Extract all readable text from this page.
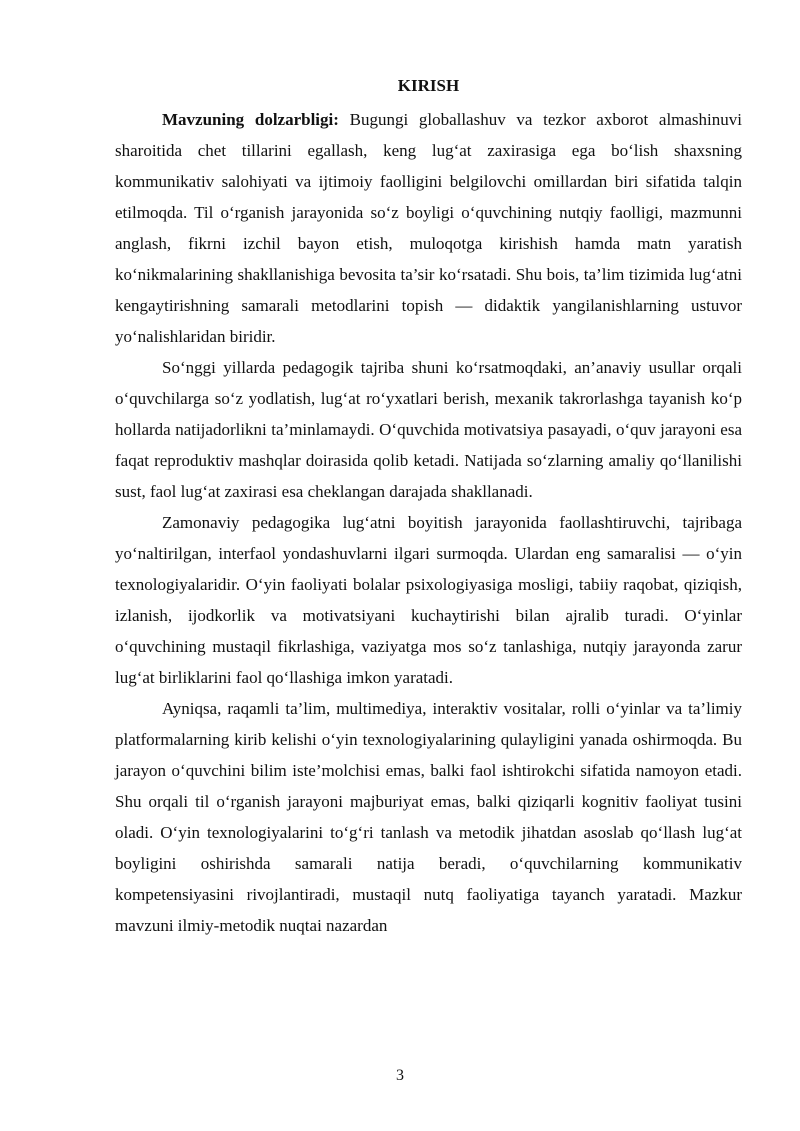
KIRISH

Mavzuning dolzarbligi: Bugungi globallashuv va tezkor axborot almashinuvi sharoitida chet tillarini egallash, keng lug‘at zaxirasiga ega bo‘lish shaxsning kommunikativ salohiyati va ijtimoiy faolligini belgilovchi omillardan biri sifatida talqin etilmoqda. Til o‘rganish jarayonida so‘z boyligi o‘quvchining nutqiy faolligi, mazmunni anglash, fikrni izchil bayon etish, muloqotga kirishish hamda matn yaratish ko‘nikmalarining shakllanishiga bevosita ta’sir ko‘rsatadi. Shu bois, ta’lim tizimida lug‘atni kengaytirishning samarali metodlarini topish — didaktik yangilanishlarning ustuvor yo‘nalishlaridan biridir.

So‘nggi yillarda pedagogik tajriba shuni ko‘rsatmoqdaki, an’anaviy usullar orqali o‘quvchilarga so‘z yodlatish, lug‘at ro‘yxatlari berish, mexanik takrorlashga tayanish ko‘p hollarda natijadorlikni ta’minlamaydi. O‘quvchida motivatsiya pasayadi, o‘quv jarayoni esa faqat reproduktiv mashqlar doirasida qolib ketadi. Natijada so‘zlarning amaliy qo‘llanilishi sust, faol lug‘at zaxirasi esa cheklangan darajada shakllanadi.

Zamonaviy pedagogika lug‘atni boyitish jarayonida faollashtiruvchi, tajribaga yo‘naltirilgan, interfaol yondashuvlarni ilgari surmoqda. Ulardan eng samaralisi — o‘yin texnologiyalaridir. O‘yin faoliyati bolalar psixologiyasiga mosligi, tabiiy raqobat, qiziqish, izlanish, ijodkorlik va motivatsiyani kuchaytirishi bilan ajralib turadi. O‘yinlar o‘quvchining mustaqil fikrlashiga, vaziyatga mos so‘z tanlashiga, nutqiy jarayonda zarur lug‘at birliklarini faol qo‘llashiga imkon yaratadi.

Ayniqsa, raqamli ta’lim, multimediya, interaktiv vositalar, rolli o‘yinlar va ta’limiy platformalarning kirib kelishi o‘yin texnologiyalarining qulayligini yanada oshirmoqda. Bu jarayon o‘quvchini bilim iste’molchisi emas, balki faol ishtirokchi sifatida namoyon etadi. Shu orqali til o‘rganish jarayoni majburiyat emas, balki qiziqarli kognitiv faoliyat tusini oladi. O‘yin texnologiyalarini to‘g‘ri tanlash va metodik jihatdan asoslab qo‘llash lug‘at boyligini oshirishda samarali natija beradi, o‘quvchilarning kommunikativ kompetensiyasini rivojlantiradi, mustaqil nutq faoliyatiga tayanch yaratadi. Mazkur mavzuni ilmiy-metodik nuqtai nazardan

3
